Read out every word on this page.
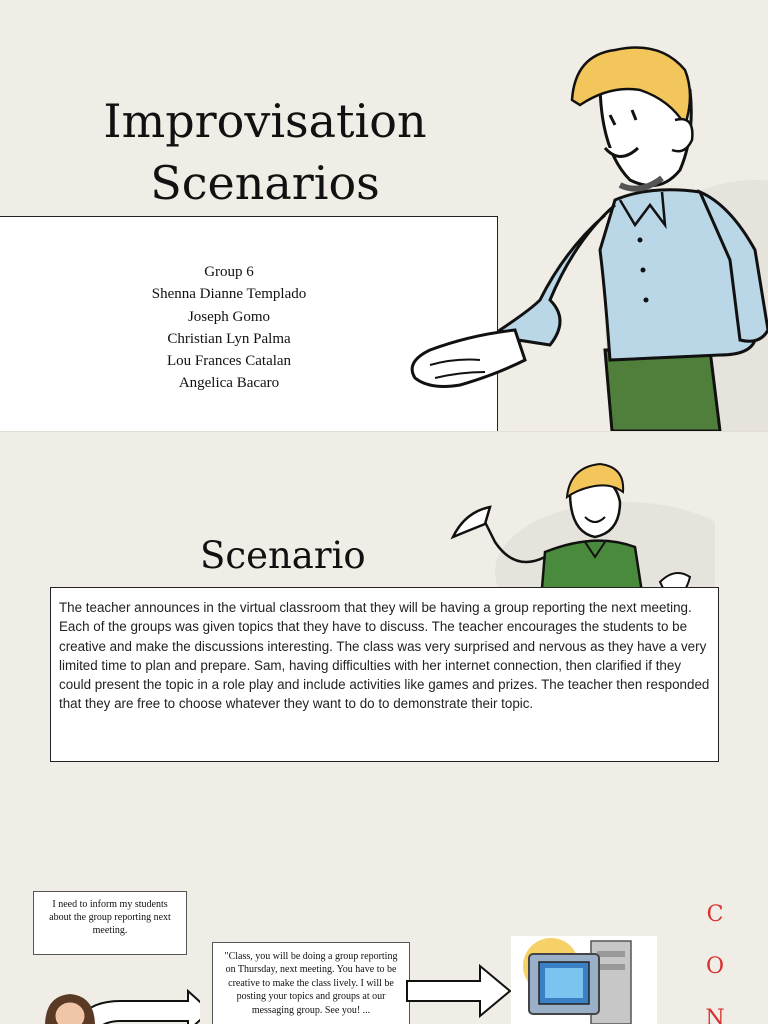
Improvisation
Scenarios
Group 6
Shenna Dianne Templado
Joseph Gomo
Christian Lyn Palma
Lou Frances Catalan
Angelica Bacaro
Scenario
The teacher announces in the virtual classroom that they will be having a group reporting the next meeting. Each of the groups was given topics that they have to discuss. The teacher encourages the students to be creative and make the discussions interesting. The class was very surprised and nervous as they have a very limited time to plan and prepare. Sam, having difficulties with her internet connection, then clarified if they could present the topic in a role play and include activities like games and prizes. The teacher then responded that they are free to choose whatever they want to do to demonstrate their topic.
I need to inform my students about the group reporting next meeting.
"Class, you will be doing a group reporting on Thursday, next meeting. You have to be creative to make the class lively. I will be posting your topics and groups at our messaging group. See you! ...
C
O
N
